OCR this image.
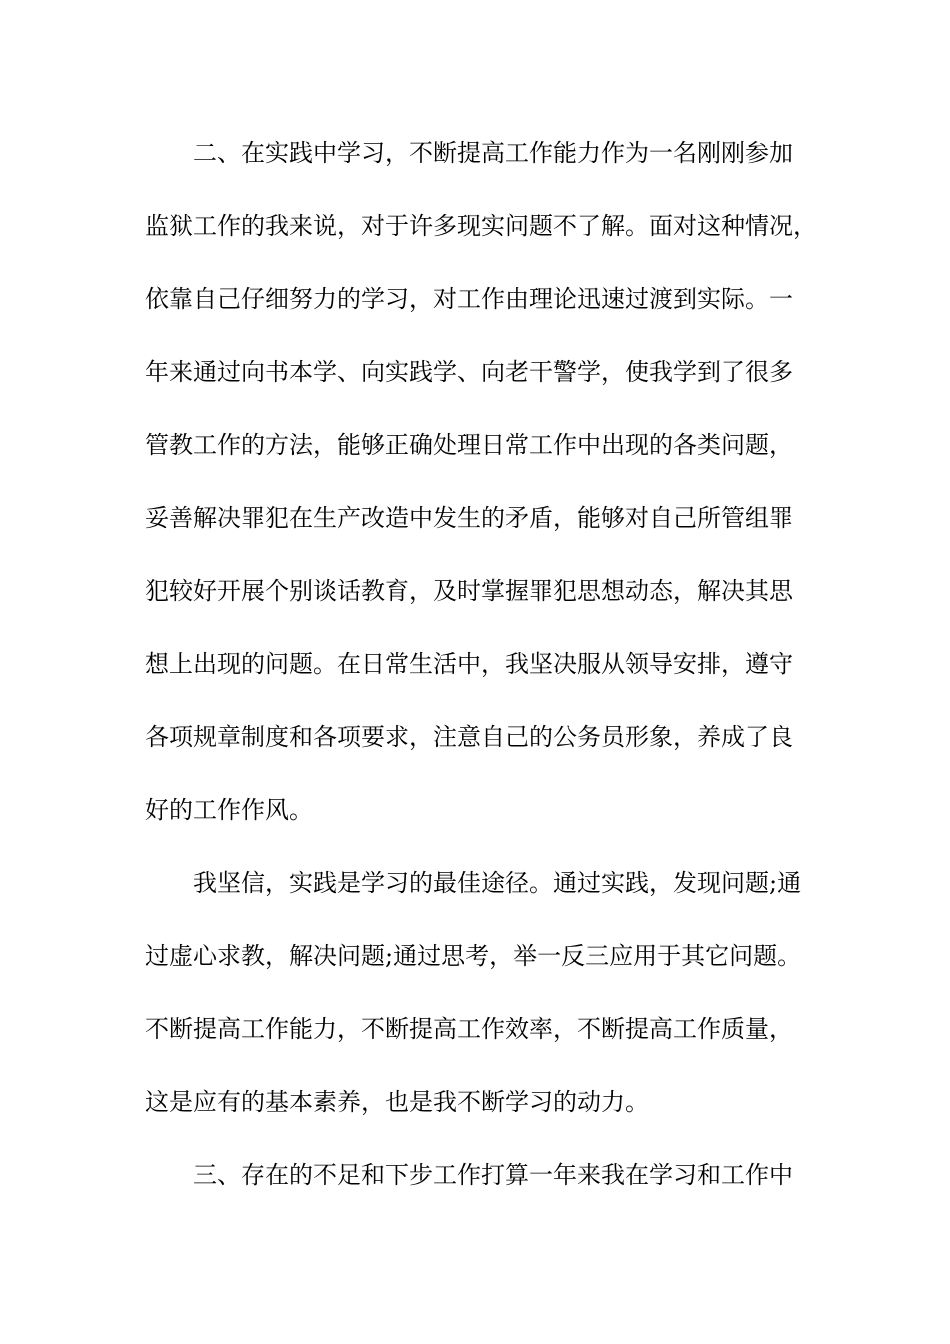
二、在实践中学习，不断提高工作能力作为一名刚刚参加
监狱工作的我来说，对于许多现实问题不了解。面对这种情况，
依靠自己仔细努力的学习，对工作由理论迅速过渡到实际。一
年来通过向书本学、向实践学、向老干警学，使我学到了很多
管教工作的方法，能够正确处理日常工作中出现的各类问题，
妥善解决罪犯在生产改造中发生的矛盾，能够对自己所管组罪
犯较好开展个别谈话教育，及时掌握罪犯思想动态，解决其思
想上出现的问题。在日常生活中，我坚决服从领导安排，遵守
各项规章制度和各项要求，注意自己的公务员形象，养成了良
好的工作作风。
我坚信，实践是学习的最佳途径。通过实践，发现问题;通
过虚心求教，解决问题;通过思考，举一反三应用于其它问题。
不断提高工作能力，不断提高工作效率，不断提高工作质量，
这是应有的基本素养，也是我不断学习的动力。
三、存在的不足和下步工作打算一年来我在学习和工作中
